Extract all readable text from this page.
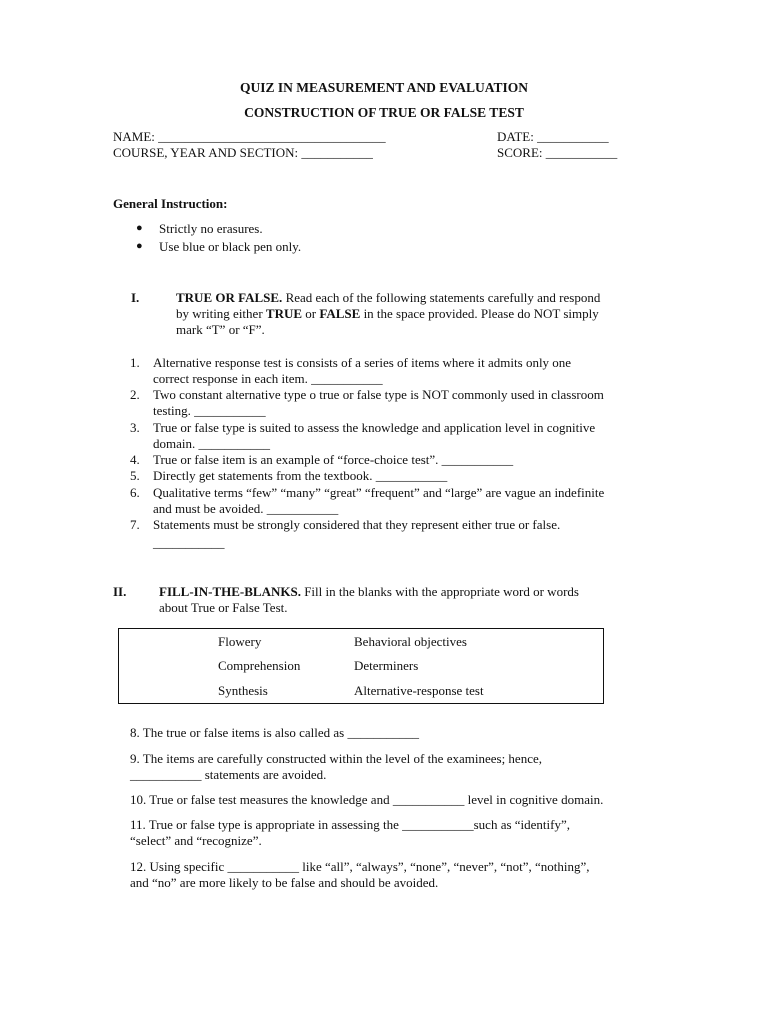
QUIZ IN MEASUREMENT AND EVALUATION
CONSTRUCTION OF TRUE OR FALSE TEST
NAME: ___________________________________	DATE: ___________
COURSE, YEAR AND SECTION: ___________	SCORE: ___________
General Instruction:
● Strictly no erasures.
● Use blue or black pen only.
I.	TRUE OR FALSE. Read each of the following statements carefully and respond
by writing either TRUE or FALSE in the space provided. Please do NOT simply
mark “T” or “F”.
1. Alternative response test is consists of a series of items where it admits only one
correct response in each item. ___________
2. Two constant alternative type o true or false type is NOT commonly used in classroom
testing. ___________
3. True or false type is suited to assess the knowledge and application level in cognitive
domain. ___________
4. True or false item is an example of “force-choice test”. ___________
5. Directly get statements from the textbook. ___________
6. Qualitative terms “few” “many” “great” “frequent” and “large” are vague an indefinite
and must be avoided. ___________
7. Statements must be strongly considered that they represent either true or false.
___________
II.	FILL-IN-THE-BLANKS. Fill in the blanks with the appropriate word or words
about True or False Test.
Flowery	Behavioral objectives
Comprehension	Determiners
Synthesis	Alternative-response test
8. The true or false items is also called as ___________
9. The items are carefully constructed within the level of the examinees; hence,
___________ statements are avoided.
10. True or false test measures the knowledge and ___________ level in cognitive domain.
11. True or false type is appropriate in assessing the ___________such as “identify”,
“select” and “recognize”.
12. Using specific ___________ like “all”, “always”, “none”, “never”, “not”, “nothing”,
and “no” are more likely to be false and should be avoided.
